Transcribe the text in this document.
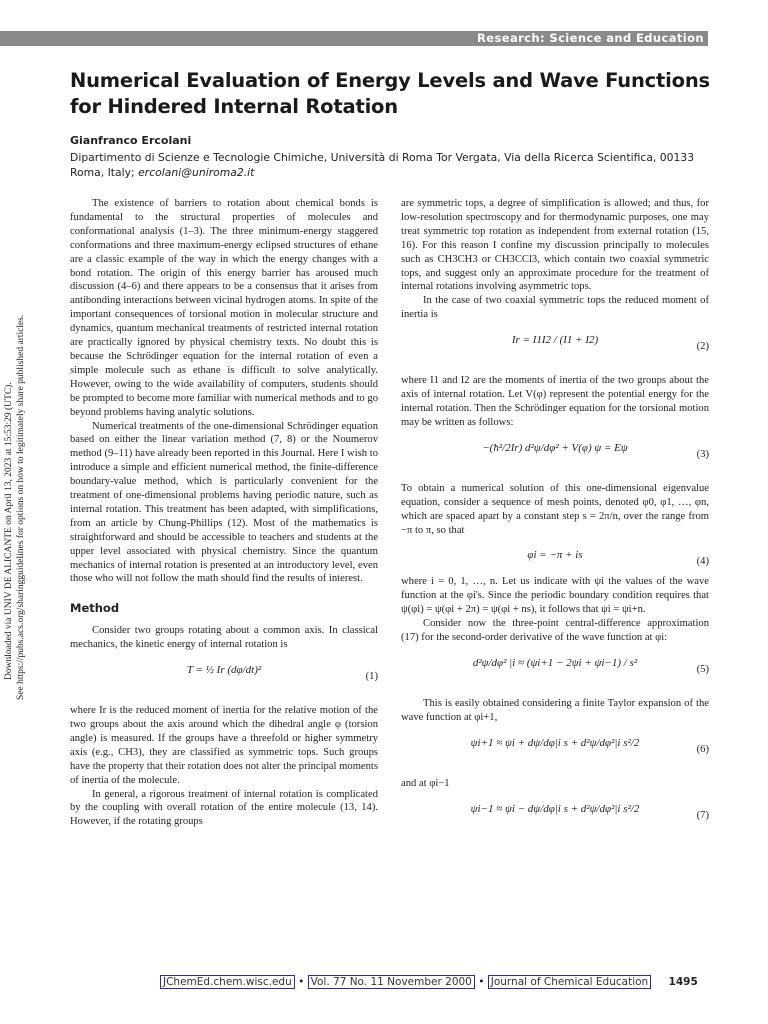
Research: Science and Education
Numerical Evaluation of Energy Levels and Wave Functions for Hindered Internal Rotation
Gianfranco Ercolani
Dipartimento di Scienze e Tecnologie Chimiche, Università di Roma Tor Vergata, Via della Ricerca Scientifica, 00133 Roma, Italy; ercolani@uniroma2.it
Downloaded via UNIV DE ALICANTE on April 13, 2023 at 15:53:29 (UTC). See https://pubs.acs.org/sharingguidelines for options on how to legitimately share published articles.

The existence of barriers to rotation about chemical bonds is fundamental to the structural properties of molecules and conformational analysis (1–3). The three minimum-energy staggered conformations and three maximum-energy eclipsed structures of ethane are a classic example of the way in which the energy changes with a bond rotation. The origin of this energy barrier has aroused much discussion (4–6) and there appears to be a consensus that it arises from antibonding interactions between vicinal hydrogen atoms. In spite of the important consequences of torsional motion in molecular structure and dynamics, quantum mechanical treatments of restricted internal rotation are practically ignored by physical chemistry texts. No doubt this is because the Schrödinger equation for the internal rotation of even a simple molecule such as ethane is difficult to solve analytically. However, owing to the wide availability of computers, students should be prompted to become more familiar with numerical methods and to go beyond problems having analytic solutions.

Numerical treatments of the one-dimensional Schrödinger equation based on either the linear variation method (7, 8) or the Noumerov method (9–11) have already been reported in this Journal. Here I wish to introduce a simple and efficient numerical method, the finite-difference boundary-value method, which is particularly convenient for the treatment of one-dimensional problems having periodic nature, such as internal rotation. This treatment has been adapted, with simplifications, from an article by Chung-Phillips (12). Most of the mathematics is straightforward and should be accessible to teachers and students at the upper level associated with physical chemistry. Since the quantum mechanics of internal rotation is presented at an introductory level, even those who will not follow the math should find the results of interest.

Method

Consider two groups rotating about a common axis. In classical mechanics, the kinetic energy of internal rotation is

T = ½ Ir (dφ/dt)²
(1)

where Ir is the reduced moment of inertia for the relative motion of the two groups about the axis around which the dihedral angle φ (torsion angle) is measured. If the groups have a threefold or higher symmetry axis (e.g., CH3), they are classified as symmetric tops. Such groups have the property that their rotation does not alter the principal moments of inertia of the molecule.

In general, a rigorous treatment of internal rotation is complicated by the coupling with overall rotation of the entire molecule (13, 14). However, if the rotating groups

are symmetric tops, a degree of simplification is allowed; and thus, for low-resolution spectroscopy and for thermodynamic purposes, one may treat symmetric top rotation as independent from external rotation (15, 16). For this reason I confine my discussion principally to molecules such as CH3CH3 or CH3CCl3, which contain two coaxial symmetric tops, and suggest only an approximate procedure for the treatment of internal rotations involving asymmetric tops.

In the case of two coaxial symmetric tops the reduced moment of inertia is

Ir = I1I2 / (I1 + I2)
(2)

where I1 and I2 are the moments of inertia of the two groups about the axis of internal rotation. Let V(φ) represent the potential energy for the internal rotation. Then the Schrödinger equation for the torsional motion may be written as follows:

−(ħ²/2Ir) d²ψ/dφ² + V(φ) ψ = Eψ
(3)

To obtain a numerical solution of this one-dimensional eigenvalue equation, consider a sequence of mesh points, denoted φ0, φ1, …, φn, which are spaced apart by a constant step s = 2π/n, over the range from −π to π, so that

φi = −π + is
(4)

where i = 0, 1, …, n. Let us indicate with ψi the values of the wave function at the φi's. Since the periodic boundary condition requires that ψ(φi) = ψ(φi + 2π) = ψ(φi + ns), it follows that ψi = ψi+n.

Consider now the three-point central-difference approximation (17) for the second-order derivative of the wave function at φi:

d²ψ/dφ² |i ≈ (ψi+1 − 2ψi + ψi−1) / s²
(5)

This is easily obtained considering a finite Taylor expansion of the wave function at φi+1,

ψi+1 ≈ ψi + dψ/dφ|i s + d²ψ/dφ²|i s²/2
(6)

and at φi−1

ψi−1 ≈ ψi − dψ/dφ|i s + d²ψ/dφ²|i s²/2
(7)
JChemEd.chem.wisc.edu • Vol. 77 No. 11 November 2000 • Journal of Chemical Education 1495
